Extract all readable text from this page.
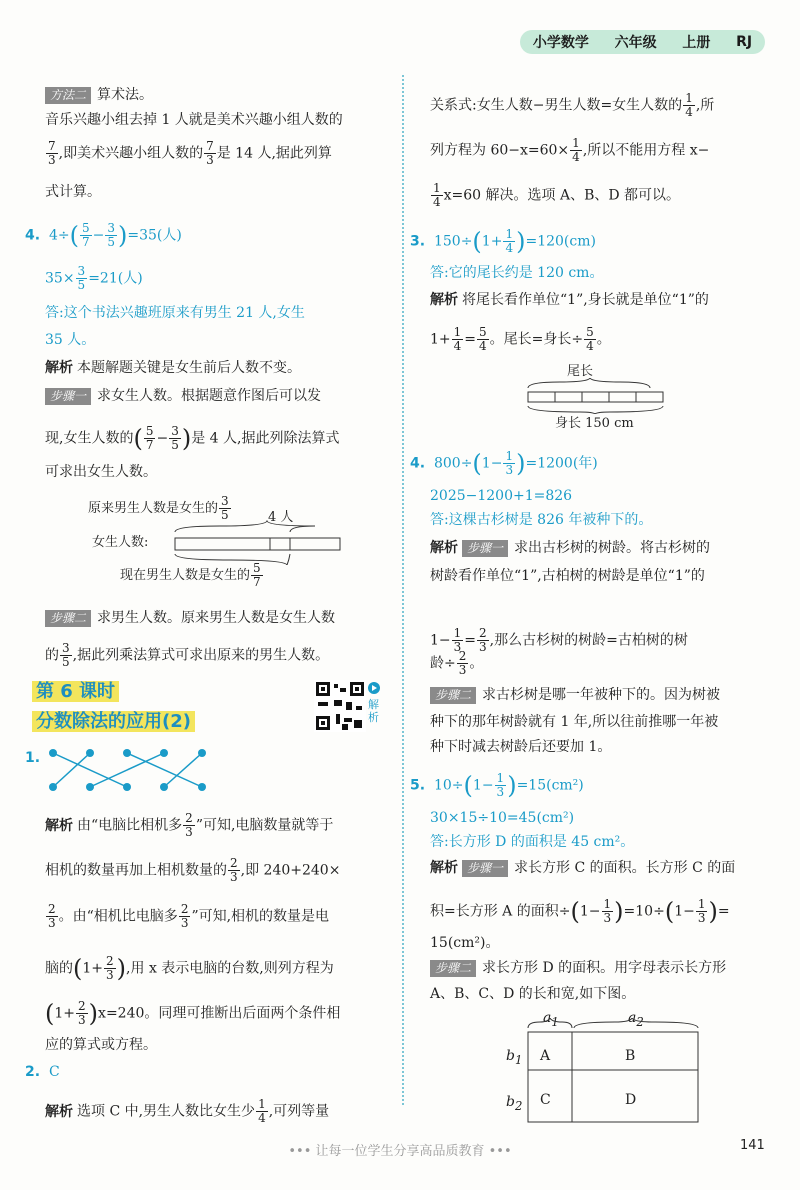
小学数学 六年级 上册 RJ
方法二 算术法。
音乐兴趣小组去掉 1 人就是美术兴趣小组人数的
$\frac{7}{3}$ ,即美术兴趣小组人数的 $\frac{7}{3}$ 是 14 人,据此列算
式计算。
4. $4\div( \frac{5}{7} - \frac{3}{5} )=35$(人)
$35\times \frac{3}{5} =21$(人)
答:这个书法兴趣班原来有男生 21 人,女生
35 人。
解析 本题解题关键是女生前后人数不变。
步骤一 求女生人数。根据题意作图后可以发
现,女生人数的( $\frac{5}{7} - \frac{3}{5}$ )是 4 人,据此列除法算式
可求出女生人数。
原来男生人数是女生的 $\frac{3}{5}$	4 人
女生人数:
现在男生人数是女生的 $\frac{5}{7}$
步骤二 求男生人数。原来男生人数是女生人数
的 $\frac{3}{5}$ ,据此列乘法算式可求出原来的男生人数。
第 6 课时
分数除法的应用(2)
解析
1.
解析 由“电脑比相机多 $\frac{2}{3}$ ”可知,电脑数量就等于
相机的数量再加上相机数量的 $\frac{2}{3}$ ,即 240+240×
$\frac{2}{3}$ 。由“相机比电脑多 $\frac{2}{3}$ ”可知,相机的数量是电
脑的($1+ \frac{2}{3}$ ),用 x 表示电脑的台数,则列方程为
$(1+ \frac{2}{3} )x=240$。同理可推断出后面两个条件相
应的算式或方程。
2. C
解析 选项 C 中,男生人数比女生少 $\frac{1}{4}$ ,可列等量
关系式:女生人数−男生人数=女生人数的 $\frac{1}{4}$ ,所
列方程为 $60-x=60\times \frac{1}{4}$ ,所以不能用方程 x−
$\frac{1}{4} x=60$ 解决。选项 A、B、D 都可以。
3. $150\div(1+ \frac{1}{4} )=120(cm)$
答:它的尾长约是 120 cm。
解析 将尾长看作单位“1”,身长就是单位“1”的
$1+ \frac{1}{4} = \frac{5}{4}$ 。尾长=身长÷ $\frac{5}{4}$ 。
尾长
身长 150 cm
4. $800\div(1- \frac{1}{3} )=1200$(年)
2025−1200+1=826
答:这棵古杉树是 826 年被种下的。
解析 步骤一 求出古杉树的树龄。将古杉树的
树龄看作单位“1”,古柏树的树龄是单位“1”的
$1- \frac{1}{3} = \frac{2}{3}$ ,那么古杉树的树龄=古柏树的树
龄÷ $\frac{2}{3}$ 。
步骤二 求古杉树是哪一年被种下的。因为树被
种下的那年树龄就有 1 年,所以往前推哪一年被
种下时减去树龄后还要加 1。
5. $10\div(1- \frac{1}{3} )=15(cm^2)$
30×15÷10=45(cm²)
答:长方形 D 的面积是 45 cm²。
解析 步骤一 求长方形 C 的面积。长方形 C 的面
积=长方形 A 的面积$\div(1- \frac{1}{3} )=10\div(1- \frac{1}{3}$ )=
15(cm²)。
步骤二 求长方形 D 的面积。用字母表示长方形
A、B、C、D 的长和宽,如下图。
$a_1$	$a_2$
A	B
C	D
$b_1$
$b_2$
••• 让每一位学生分享高品质教育 •••	141
